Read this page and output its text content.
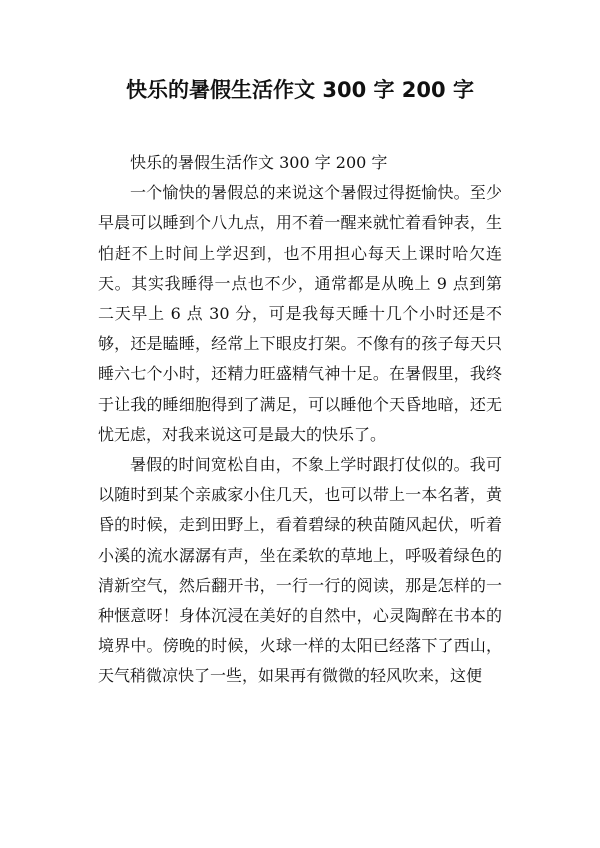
快乐的暑假生活作文 300 字 200 字

快乐的暑假生活作文 300 字 200 字

一个愉快的暑假总的来说这个暑假过得挺愉快。至少早晨可以睡到个八九点，用不着一醒来就忙着看钟表，生怕赶不上时间上学迟到，也不用担心每天上课时哈欠连天。其实我睡得一点也不少，通常都是从晚上 9 点到第二天早上 6 点 30 分，可是我每天睡十几个小时还是不够，还是瞌睡，经常上下眼皮打架。不像有的孩子每天只睡六七个小时，还精力旺盛精气神十足。在暑假里，我终于让我的睡细胞得到了满足，可以睡他个天昏地暗，还无忧无虑，对我来说这可是最大的快乐了。

暑假的时间宽松自由，不象上学时跟打仗似的。我可以随时到某个亲戚家小住几天，也可以带上一本名著，黄昏的时候，走到田野上，看着碧绿的秧苗随风起伏，听着小溪的流水潺潺有声，坐在柔软的草地上，呼吸着绿色的清新空气，然后翻开书，一行一行的阅读，那是怎样的一种惬意呀！身体沉浸在美好的自然中，心灵陶醉在书本的境界中。傍晚的时候，火球一样的太阳已经落下了西山，天气稍微凉快了一些，如果再有微微的轻风吹来，这便
